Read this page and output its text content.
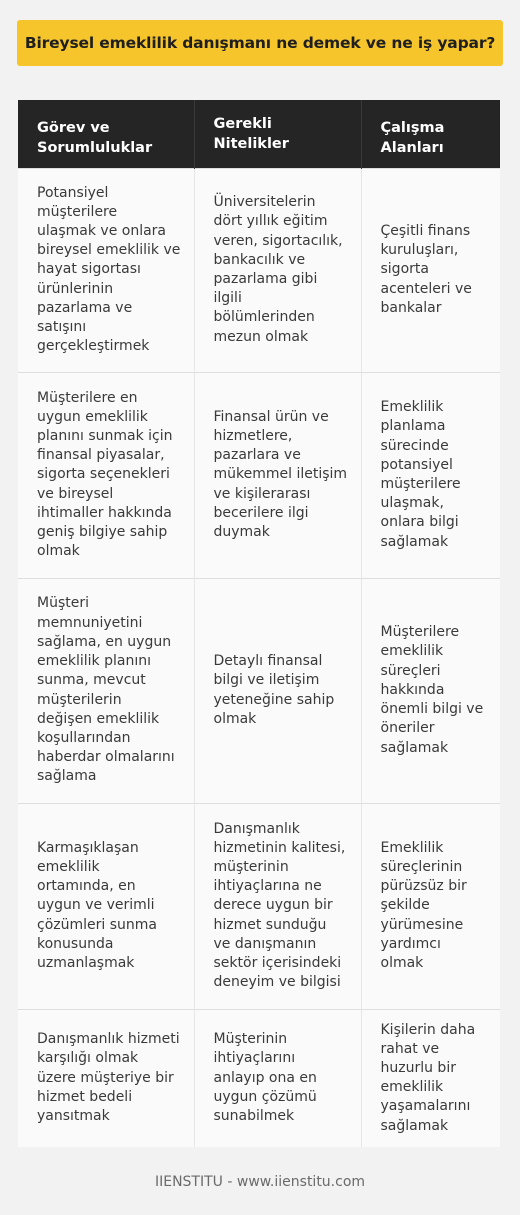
Bireysel emeklilik danışmanı ne demek ve ne iş yapar?
Görev ve Sorumluluklar	Gerekli Nitelikler	Çalışma Alanları
Potansiyel müşterilere ulaşmak ve onlara bireysel emeklilik ve hayat sigortası ürünlerinin pazarlama ve satışını gerçekleştirmek	Üniversitelerin dört yıllık eğitim veren, sigortacılık, bankacılık ve pazarlama gibi ilgili bölümlerinden mezun olmak	Çeşitli finans kuruluşları, sigorta acenteleri ve bankalar
Müşterilere en uygun emeklilik planını sunmak için finansal piyasalar, sigorta seçenekleri ve bireysel ihtimaller hakkında geniş bilgiye sahip olmak	Finansal ürün ve hizmetlere, pazarlara ve mükemmel iletişim ve kişilerarası becerilere ilgi duymak	Emeklilik planlama sürecinde potansiyel müşterilere ulaşmak, onlara bilgi sağlamak
Müşteri memnuniyetini sağlama, en uygun emeklilik planını sunma, mevcut müşterilerin değişen emeklilik koşullarından haberdar olmalarını sağlama	Detaylı finansal bilgi ve iletişim yeteneğine sahip olmak	Müşterilere emeklilik süreçleri hakkında önemli bilgi ve öneriler sağlamak
Karmaşıklaşan emeklilik ortamında, en uygun ve verimli çözümleri sunma konusunda uzmanlaşmak	Danışmanlık hizmetinin kalitesi, müşterinin ihtiyaçlarına ne derece uygun bir hizmet sunduğu ve danışmanın sektör içerisindeki deneyim ve bilgisi	Emeklilik süreçlerinin pürüzsüz bir şekilde yürümesine yardımcı olmak
Danışmanlık hizmeti karşılığı olmak üzere müşteriye bir hizmet bedeli yansıtmak	Müşterinin ihtiyaçlarını anlayıp ona en uygun çözümü sunabilmek	Kişilerin daha rahat ve huzurlu bir emeklilik yaşamalarını sağlamak
IIENSTITU - www.iienstitu.com
